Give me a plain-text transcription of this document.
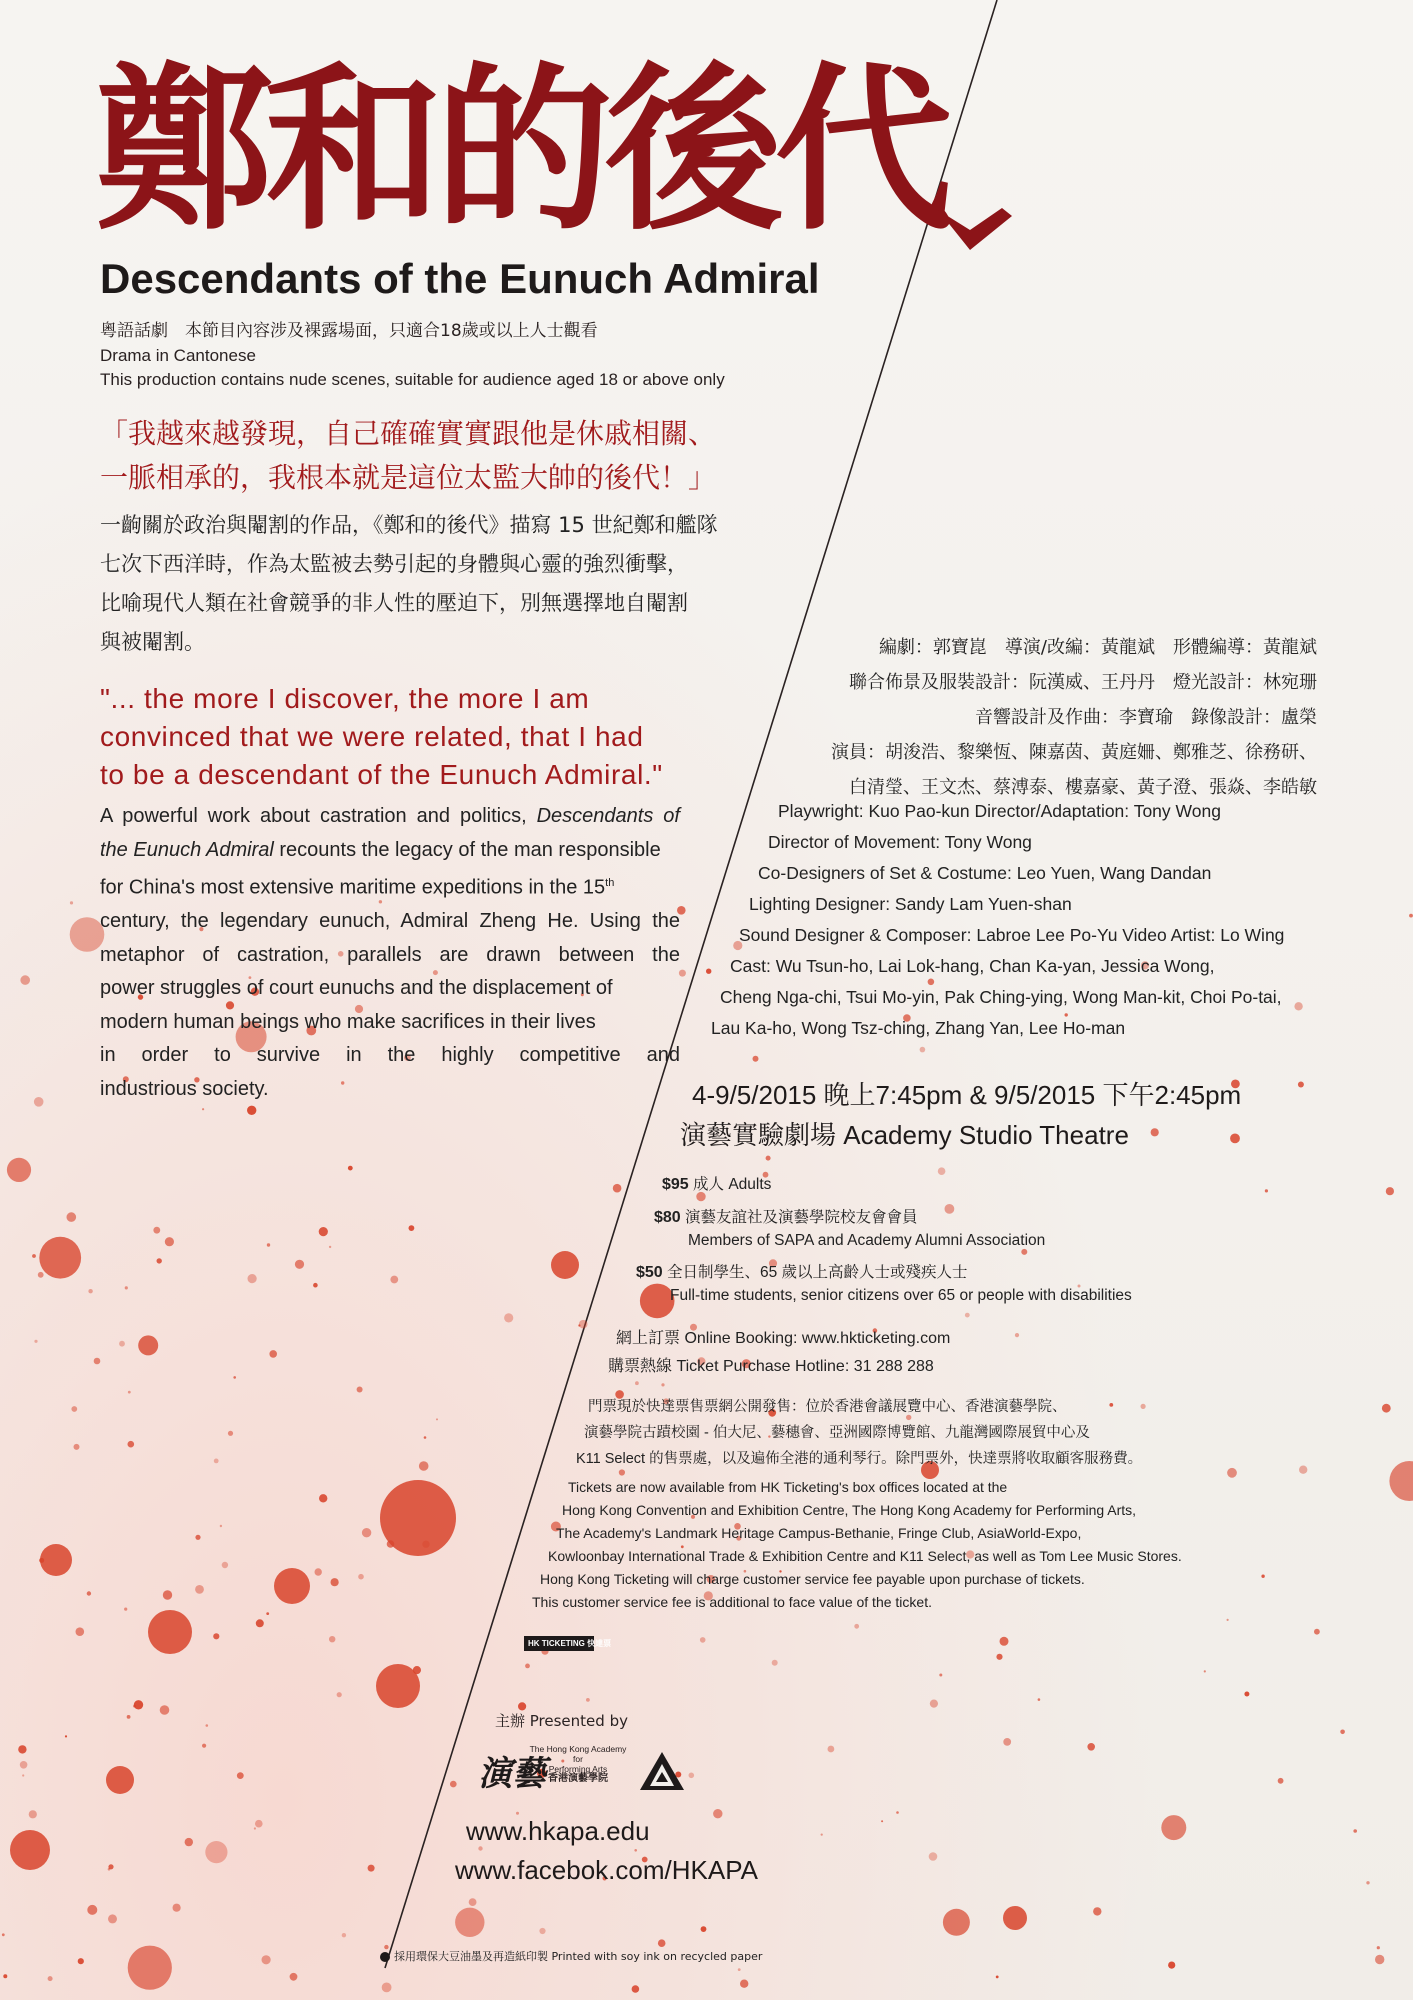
鄭和的後代
Descendants of the Eunuch Admiral
粵語話劇　本節目內容涉及裸露場面，只適合18歲或以上人士觀看
Drama in Cantonese
This production contains nude scenes, suitable for audience aged 18 or above only
「我越來越發現，自己確確實實跟他是休戚相關、
一脈相承的，我根本就是這位太監大帥的後代！」
一齣關於政治與閹割的作品，《鄭和的後代》描寫 15 世紀鄭和艦隊
七次下西洋時，作為太監被去勢引起的身體與心靈的強烈衝擊，
比喻現代人類在社會競爭的非人性的壓迫下，別無選擇地自閹割
與被閹割。
"... the more I discover, the more I am
convinced that we were related, that I had
to be a descendant of the Eunuch Admiral."

A powerful work about castration and politics, Descendants of

the Eunuch Admiral recounts the legacy of the man responsible

for China's most extensive maritime expeditions in the 15th

century, the legendary eunuch, Admiral Zheng He. Using the

metaphor of castration, parallels are drawn between the

power struggles of court eunuchs and the displacement of

modern human beings who make sacrifices in their lives

in order to survive in the highly competitive and

industrious society.

編劇：郭寶崑　導演/改編：黃龍斌　形體編導：黃龍斌
聯合佈景及服裝設計：阮漢威、王丹丹　燈光設計：林宛珊
音響設計及作曲：李寶瑜　錄像設計：盧榮
演員：胡浚浩、黎樂恆、陳嘉茵、黃庭姍、鄭雅芝、徐務研、
白清瑩、王文杰、蔡溥泰、樓嘉豪、黃子澄、張焱、李皓敏
Playwright: Kuo Pao-kun Director/Adaptation: Tony Wong
Director of Movement: Tony Wong
Co-Designers of Set & Costume: Leo Yuen, Wang Dandan
Lighting Designer: Sandy Lam Yuen-shan
Sound Designer & Composer: Labroe Lee Po-Yu Video Artist: Lo Wing
Cast: Wu Tsun-ho, Lai Lok-hang, Chan Ka-yan, Jessica Wong,
Cheng Nga-chi, Tsui Mo-yin, Pak Ching-ying, Wong Man-kit, Choi Po-tai,
Lau Ka-ho, Wong Tsz-ching, Zhang Yan, Lee Ho-man
4-9/5/2015 晚上7:45pm & 9/5/2015 下午2:45pm
演藝實驗劇場 Academy Studio Theatre
$95 成人 Adults
$80 演藝友誼社及演藝學院校友會會員
Members of SAPA and Academy Alumni Association
$50 全日制學生、65 歲以上高齡人士或殘疾人士
Full-time students, senior citizens over 65 or people with disabilities
網上訂票 Online Booking: www.hkticketing.com
購票熱線 Ticket Purchase Hotline: 31 288 288
門票現於快達票售票網公開發售：位於香港會議展覽中心、香港演藝學院、
演藝學院古蹟校園 - 伯大尼、藝穗會、亞洲國際博覽館、九龍灣國際展貿中心及
K11 Select 的售票處，以及遍佈全港的通利琴行。除門票外，快達票將收取顧客服務費。
Tickets are now available from HK Ticketing's box offices located at the
Hong Kong Convention and Exhibition Centre, The Hong Kong Academy for Performing Arts,
The Academy's Landmark Heritage Campus-Bethanie, Fringe Club, AsiaWorld-Expo,
Kowloonbay International Trade & Exhibition Centre and K11 Select, as well as Tom Lee Music Stores.
Hong Kong Ticketing will charge customer service fee payable upon purchase of tickets.
This customer service fee is additional to face value of the ticket.
HK TICKETING 快達票
主辦 Presented by
演藝
The Hong Kong Academy
for
Performing Arts
香港演藝學院
www.hkapa.edu
www.facebok.com/HKAPA
採用環保大豆油墨及再造紙印製 Printed with soy ink on recycled paper
